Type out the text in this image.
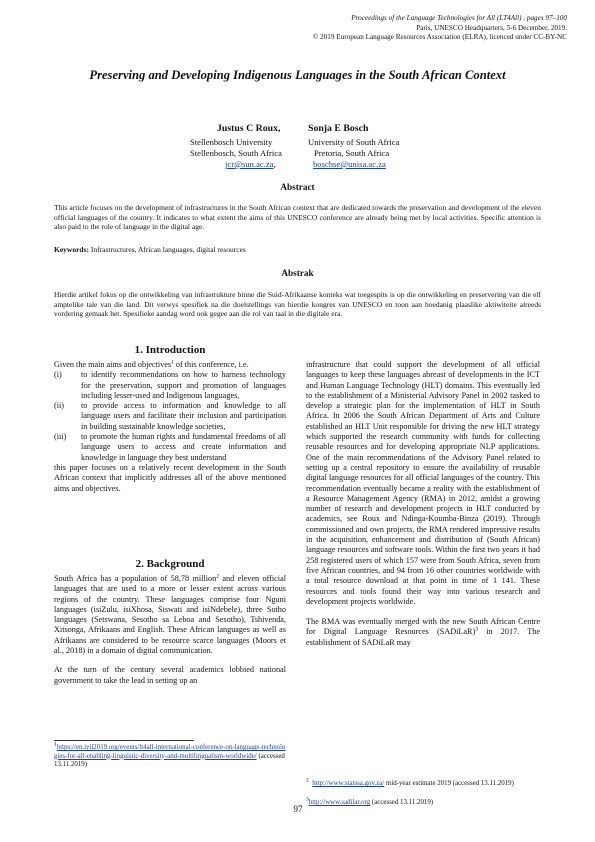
Proceedings of the Language Technologies for All (LT4All) , pages 97–100
Paris, UNESCO Headquarters, 5-6 December, 2019.
© 2019 European Language Resources Association (ELRA), licenced under CC-BY-NC
Preserving and Developing Indigenous Languages in the South African Context
Justus C Roux,
Stellenbosch University
Stellenbosch, South Africa
jcr@sun.ac.za,
Sonja E Bosch
University of South Africa
Pretoria, South Africa
boschse@unisa.ac.za
Abstract
This article focuses on the development of infrastructures in the South African context that are dedicated towards the preservation and development of the eleven official languages of the country. It indicates to what extent the aims of this UNESCO conference are already being met by local activities. Specific attention is also paid to the role of language in the digital age.
Keywords: Infrastructures, African languages, digital resources
Abstrak
Hierdie artikel fokus op die ontwikkeling van infrastrukture binne die Suid-Afrikaanse konteks wat toegespits is op die ontwikkeling en preservering van die elf amptelike tale van die land. Dit verwys spesifiek na die doelstellings van hierdie kongres van UNESCO en toon aan hoedanig plaaslike aktiwiteite alreeds vordering gemaak het. Spesifieke aandag word ook gegee aan die rol van taal in die digitale era.
1. Introduction
Given the main aims and objectives$^1$ of this conference, i.e.
(i)	to identify recommendations on how to harness technology for the preservation, support and promotion of languages including lesser-used and Indigenous languages,
(ii)	to provide access to information and knowledge to all language users and facilitate their inclusion and participation in building sustainable knowledge societies,
(iii)	to promote the human rights and fundamental freedoms of all language users to access and create information and knowledge in language they best understand
this paper focuses on a relatively recent development in the South African context that implicitly addresses all of the above mentioned aims and objectives.
2. Background
South Africa has a population of 58,78 million$^2$ and eleven official languages that are used to a more or lesser extent across various regions of the country. These languages comprise four Nguni languages (isiZulu, isiXhosa, Siswati and isiNdebele), three Sotho languages (Setswana, Sesotho sa Leboa and Sesotho), Tshivenda, Xitsonga, Afrikaans and English. These African languages as well as Afrikaans are considered to be resource scarce languages (Moors et al., 2018) in a domain of digital communication.
At the turn of the century several academics lobbied national government to take the lead in setting up an
infrastructure that could support the development of all official languages to keep these languages abreast of developments in the ICT and Human Language Technology (HLT) domains. This eventually led to the establishment of a Ministerial Advisory Panel in 2002 tasked to develop a strategic plan for the implementation of HLT in South Africa. In 2006 the South African Department of Arts and Culture established an HLT Unit responsible for driving the new HLT strategy which supported the research community with funds for collecting reusable resources and for developing appropriate NLP applications. One of the main recommendations of the Advisory Panel related to setting up a central repository to ensure the availability of reusable digital language resources for all official languages of the country. This recommendation eventually became a reality with the establishment of a Resource Management Agency (RMA) in 2012, amidst a growing number of research and development projects in HLT conducted by academics, see Roux and Ndinga-Koumba-Binza (2019). Through commissioned and own projects, the RMA rendered impressive results in the acquisition, enhancement and distribution of (South African) language resources and software tools. Within the first two years it had 258 registered users of which 157 were from South Africa, seven from five African countries, and 94 from 16 other countries worldwide with a total resource download at that point in time of 1 141. These resources and tools found their way into various research and development projects worldwide.
The RMA was eventually merged with the new South African Centre for Digital Language Resources (SADiLaR)$^3$ in 2017. The establishment of SADiLaR may
$^1$https://en.iyil2019.org/events/lt4all-international-conference-on-language-technologies-for-all-enabling-linguistic-diversity-and-multilingualism-worldwide/ (accessed 13.11.2019)
$^2$ http://www.statssa.gov.za/ mid-year estimate 2019 (accessed 13.11.2019)
$^3$http://www.sadilar.org (accessed 13.11.2019)
97
